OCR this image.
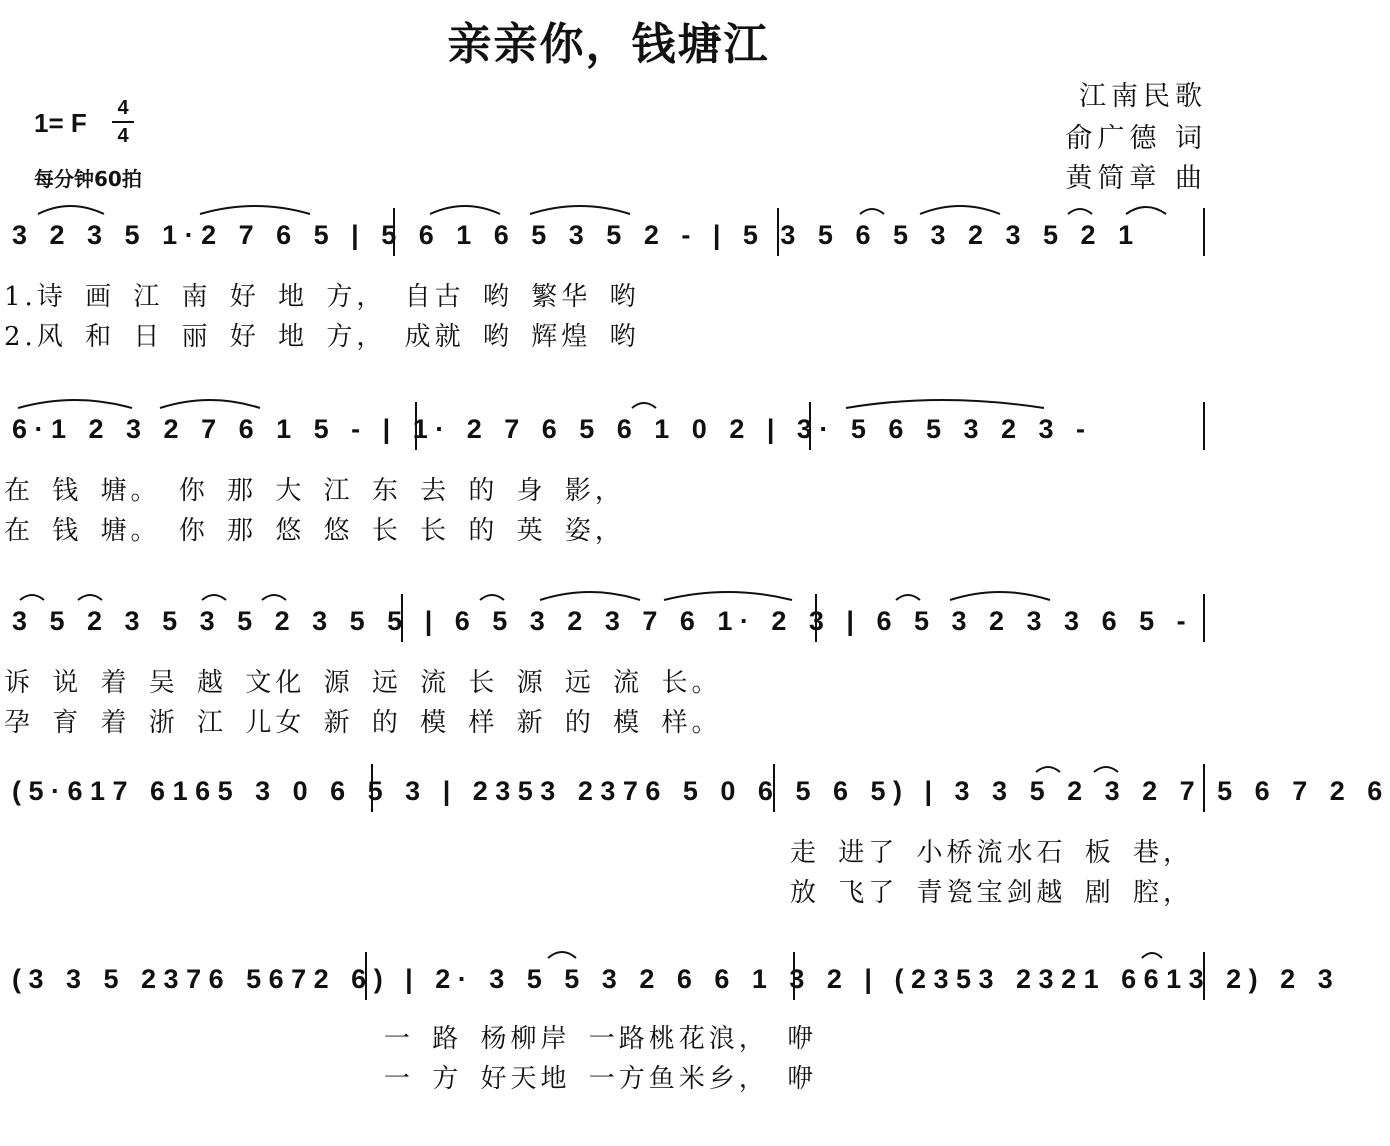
亲亲你，钱塘江
江南民歌
俞广德 词
黄简章 曲
1= F 4
4
每分钟60拍
3 2 3 5 1·2 7 6 5 | 5 6 1 6 5 3 5 2 - | 5 3 5 6 5 3 2 3 5 2 1
1.诗 画 江 南 好 地 方， 自古 哟 繁华 哟
2.风 和 日 丽 好 地 方， 成就 哟 辉煌 哟
6·1 2 3 2 7 6 1 5 - | 1· 2 7 6 5 6 1 0 2 | 3· 5 6 5 3 2 3 -
在 钱 塘。 你 那 大 江 东 去 的 身 影，
在 钱 塘。 你 那 悠 悠 长 长 的 英 姿，
3 5 2 3 5 3 5 2 3 5 5 | 6 5 3 2 3 7 6 1· 2 3 | 6 5 3 2 3 3 6 5 -
诉 说 着 吴 越 文化 源 远 流 长 源 远 流 长。
孕 育 着 浙 江 儿女 新 的 模 样 新 的 模 样。
(5·617 6165 3 0 6 5 3 | 2353 2376 5 0 6 5 6 5) | 3 3 5 2 3 2 7 5 6 7 2 6
走 进了 小桥流水石 板 巷，
放 飞了 青瓷宝剑越 剧 腔，
(3 3 5 2376 5672 6) | 2· 3 5 5 3 2 6 6 1 3 2 | (2353 2321 6613 2) 2 3
一 路 杨柳岸 一路桃花浪， 咿
一 方 好天地 一方鱼米乡， 咿
